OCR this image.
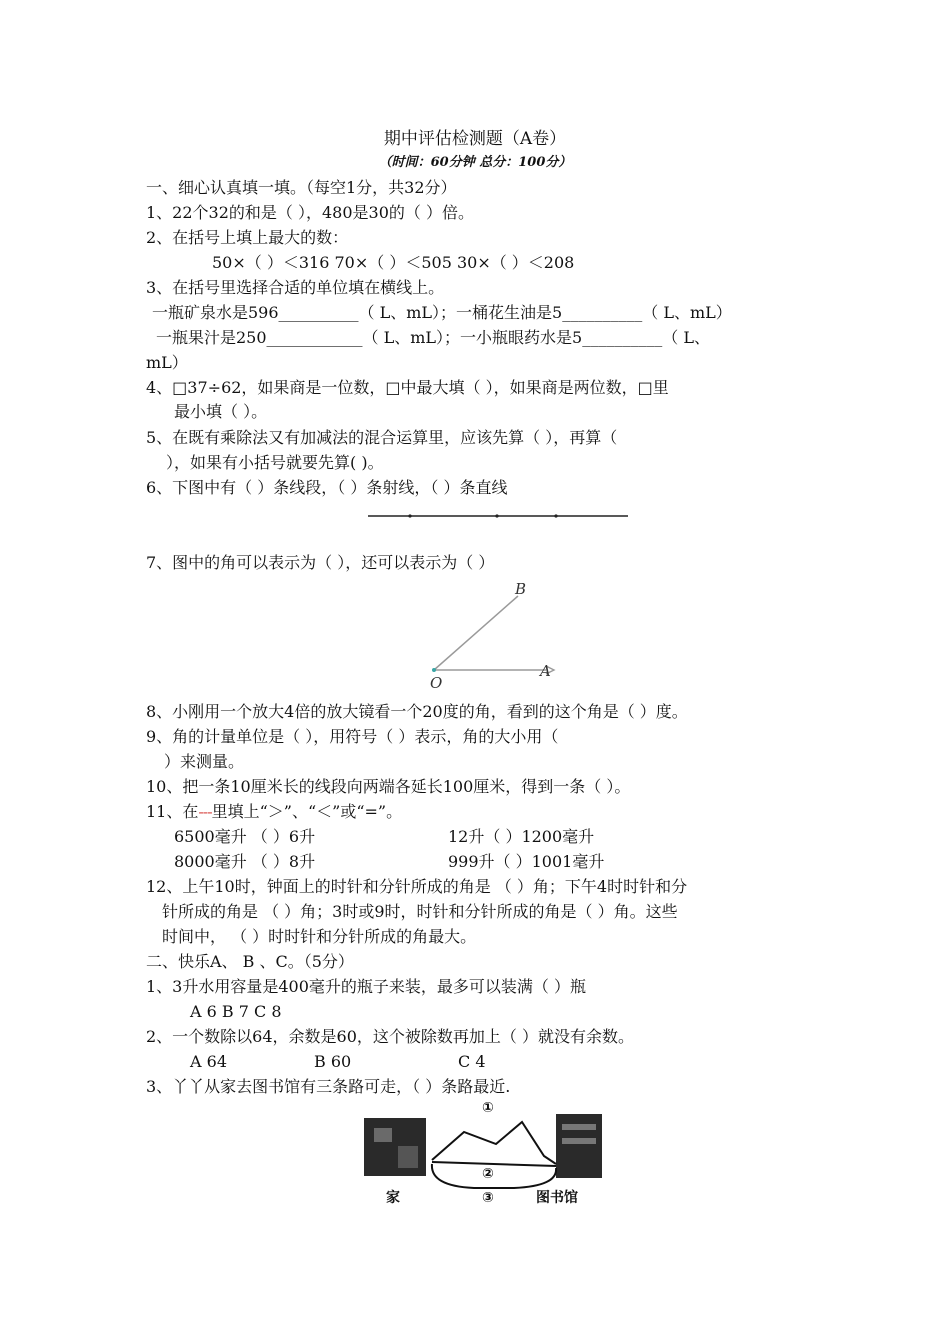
期中评估检测题（A卷）
（时间：60分钟 总分：100分）
一、细心认真填一填。（每空1分，共32分）
1、22个32的和是（ ），480是30的（ ）倍。
2、在括号上填上最大的数：
50×（ ）＜316 70×（ ）＜505 30×（ ）＜208
3、在括号里选择合适的单位填在横线上。
一瓶矿泉水是596__________（ L、mL）；一桶花生油是5__________（ L、mL）
一瓶果汁是250____________（ L、mL）；一小瓶眼药水是5__________（ L、
mL）
4、□37÷62，如果商是一位数，□中最大填（ ），如果商是两位数，□里
最小填（ ）。
5、在既有乘除法又有加减法的混合运算里，应该先算（ ），再算（
），如果有小括号就要先算( )。
6、下图中有（ ）条线段，（ ）条射线，（ ）条直线
7、图中的角可以表示为（ ），还可以表示为（ ）
B
A
O
8、小刚用一个放大4倍的放大镜看一个20度的角，看到的这个角是（ ）度。
9、角的计量单位是（ ），用符号（ ）表示，角的大小用（
）来测量。
10、把一条10厘米长的线段向两端各延长100厘米，得到一条（ ）。
11、在---里填上“＞”、“＜”或“=”。
6500毫升 （ ）6升	12升（ ）1200毫升
8000毫升 （ ）8升	999升（ ）1001毫升
12、上午10时，钟面上的时针和分针所成的角是 （ ）角；下午4时时针和分
针所成的角是 （ ）角；3时或9时，时针和分针所成的角是（ ）角。这些
时间中， （ ）时时针和分针所成的角最大。
二、快乐A、 B 、C。（5分）
1、3升水用容量是400毫升的瓶子来装，最多可以装满（ ）瓶
A 6 B 7 C 8
2、一个数除以64，余数是60，这个被除数再加上（ ）就没有余数。
A 64	B 60	C 4
3、丫丫从家去图书馆有三条路可走，（ ）条路最近.
①
②
③
家	图书馆
